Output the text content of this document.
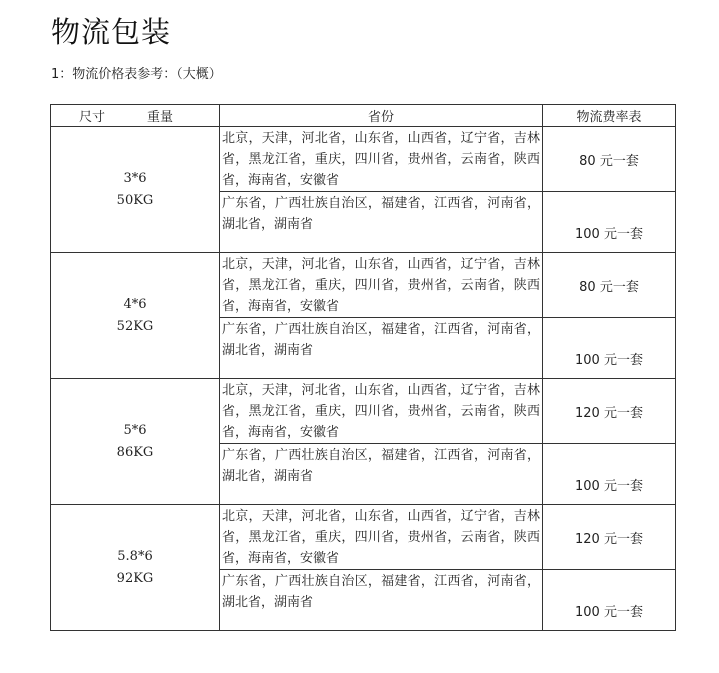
物流包装
1：物流价格表参考：（大概）
尺寸 重量	省份	物流费率表

3*6
50KG	北京，天津，河北省，山东省，山西省，辽宁省，吉林省，黑龙江省，重庆，四川省，贵州省，云南省，陕西省，海南省，安徽省	80 元一套
	广东省，广西壮族自治区，福建省，江西省，河南省，湖北省，湖南省	100 元一套

4*6
52KG	北京，天津，河北省，山东省，山西省，辽宁省，吉林省，黑龙江省，重庆，四川省，贵州省，云南省，陕西省，海南省，安徽省	80 元一套
	广东省，广西壮族自治区，福建省，江西省，河南省，湖北省，湖南省	100 元一套

5*6
86KG	北京，天津，河北省，山东省，山西省，辽宁省，吉林省，黑龙江省，重庆，四川省，贵州省，云南省，陕西省，海南省，安徽省	120 元一套
	广东省，广西壮族自治区，福建省，江西省，河南省，湖北省，湖南省	100 元一套

5.8*6
92KG	北京，天津，河北省，山东省，山西省，辽宁省，吉林省，黑龙江省，重庆，四川省，贵州省，云南省，陕西省，海南省，安徽省	120 元一套
	广东省，广西壮族自治区，福建省，江西省，河南省，湖北省，湖南省	100 元一套
